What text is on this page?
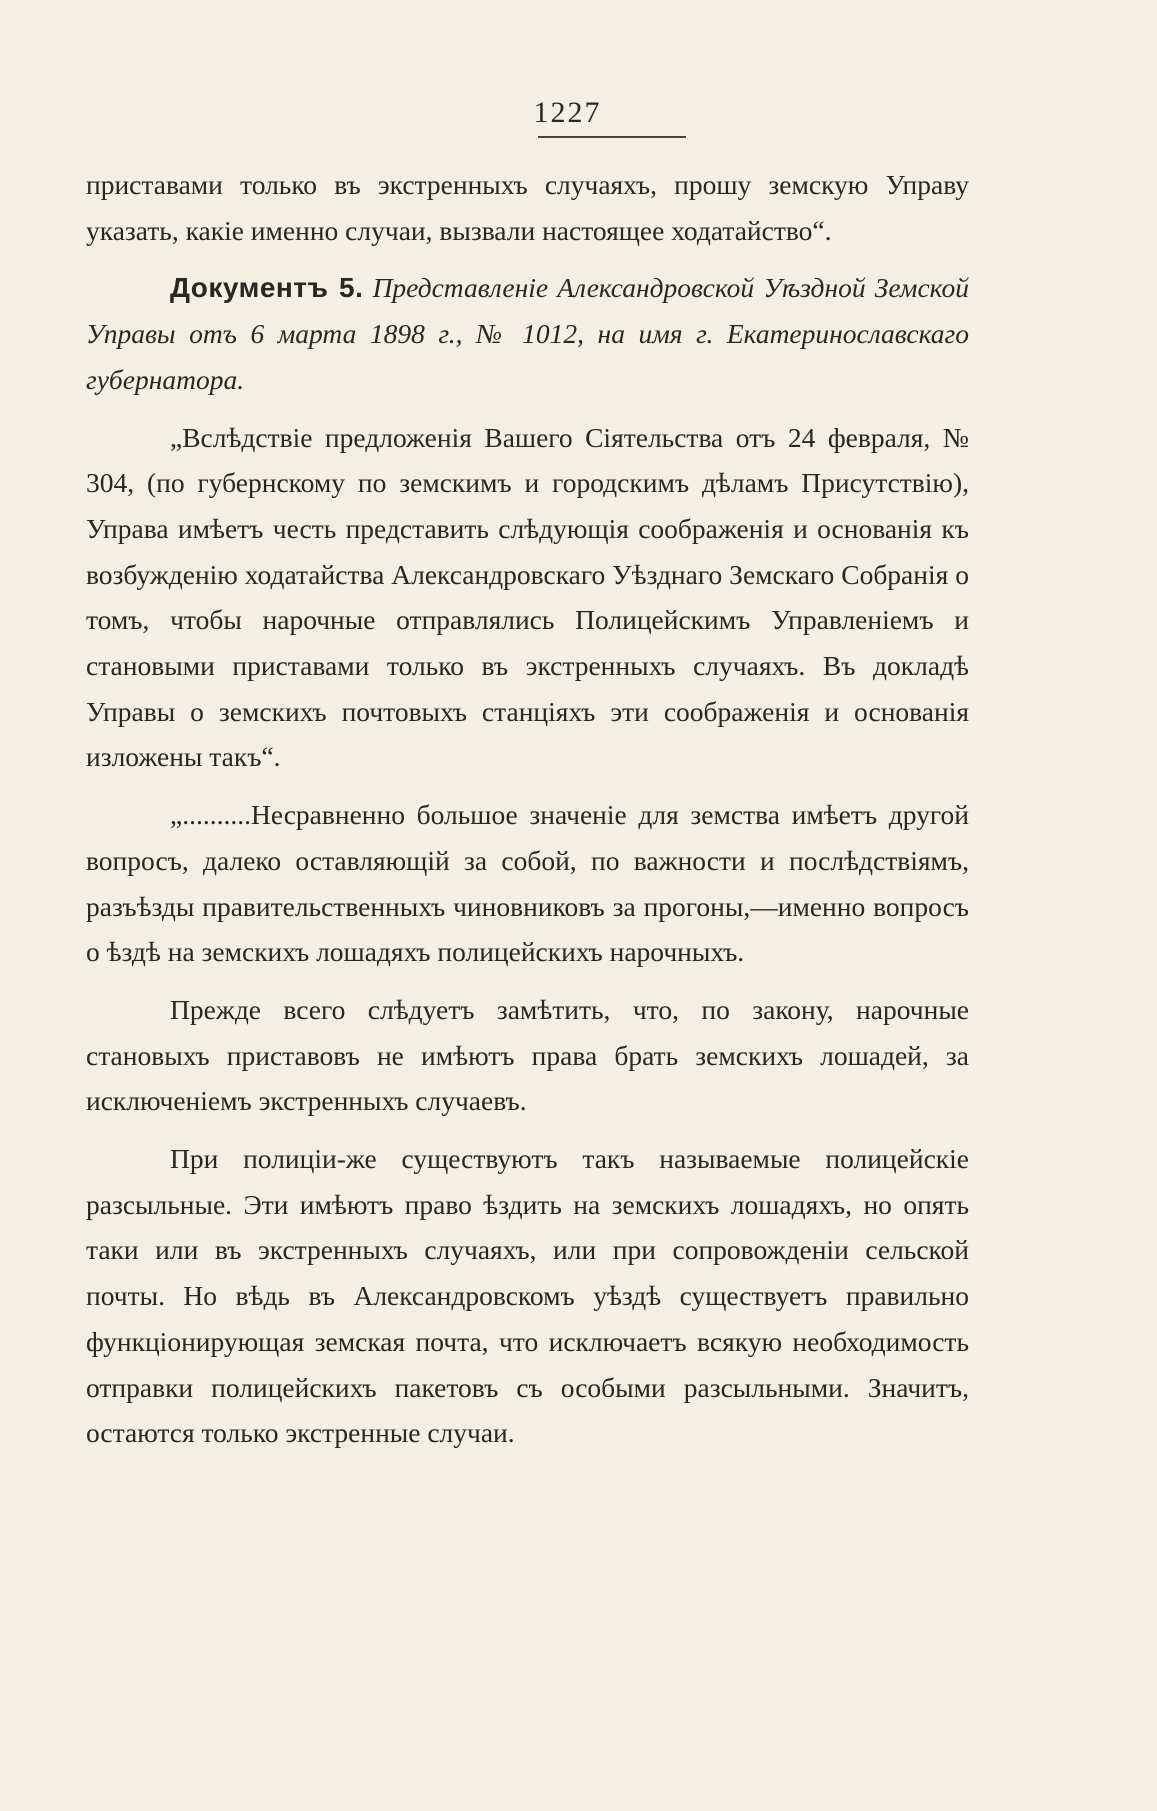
1227

приставами только въ экстренныхъ случаяхъ, прошу земскую Управу указать, какіе именно случаи, вызвали настоящее ходатайство“.

Документъ 5. Представленіе Александровской Уѣздной Земской Управы отъ 6 марта 1898 г., № 1012, на имя г. Екатеринославскаго губернатора.

„Вслѣдствіе предложенія Вашего Сіятельства отъ 24 февраля, № 304, (по губернскому по земскимъ и городскимъ дѣламъ Присутствію), Управа имѣетъ честь представить слѣдующія соображенія и основанія къ возбужденію ходатайства Александровскаго Уѣзднаго Земскаго Собранія о томъ, чтобы нарочные отправлялись Полицейскимъ Управленіемъ и становыми приставами только въ экстренныхъ случаяхъ. Въ докладѣ Управы о земскихъ почтовыхъ станціяхъ эти соображенія и основанія изложены такъ“.

„..........Несравненно большое значеніе для земства имѣетъ другой вопросъ, далеко оставляющій за собой, по важности и послѣдствіямъ, разъѣзды правительственныхъ чиновниковъ за прогоны,—именно вопросъ о ѣздѣ на земскихъ лошадяхъ полицейскихъ нарочныхъ.

Прежде всего слѣдуетъ замѣтить, что, по закону, нарочные становыхъ приставовъ не имѣютъ права брать земскихъ лошадей, за исключеніемъ экстренныхъ случаевъ.

При полиціи-же существуютъ такъ называемые полицейскіе разсыльные. Эти имѣютъ право ѣздить на земскихъ лошадяхъ, но опять таки или въ экстренныхъ случаяхъ, или при сопровожденіи сельской почты. Но вѣдь въ Александровскомъ уѣздѣ существуетъ правильно функціонирующая земская почта, что исключаетъ всякую необходимость отправки полицейскихъ пакетовъ съ особыми разсыльными. Значитъ, остаются только экстренные случаи.
